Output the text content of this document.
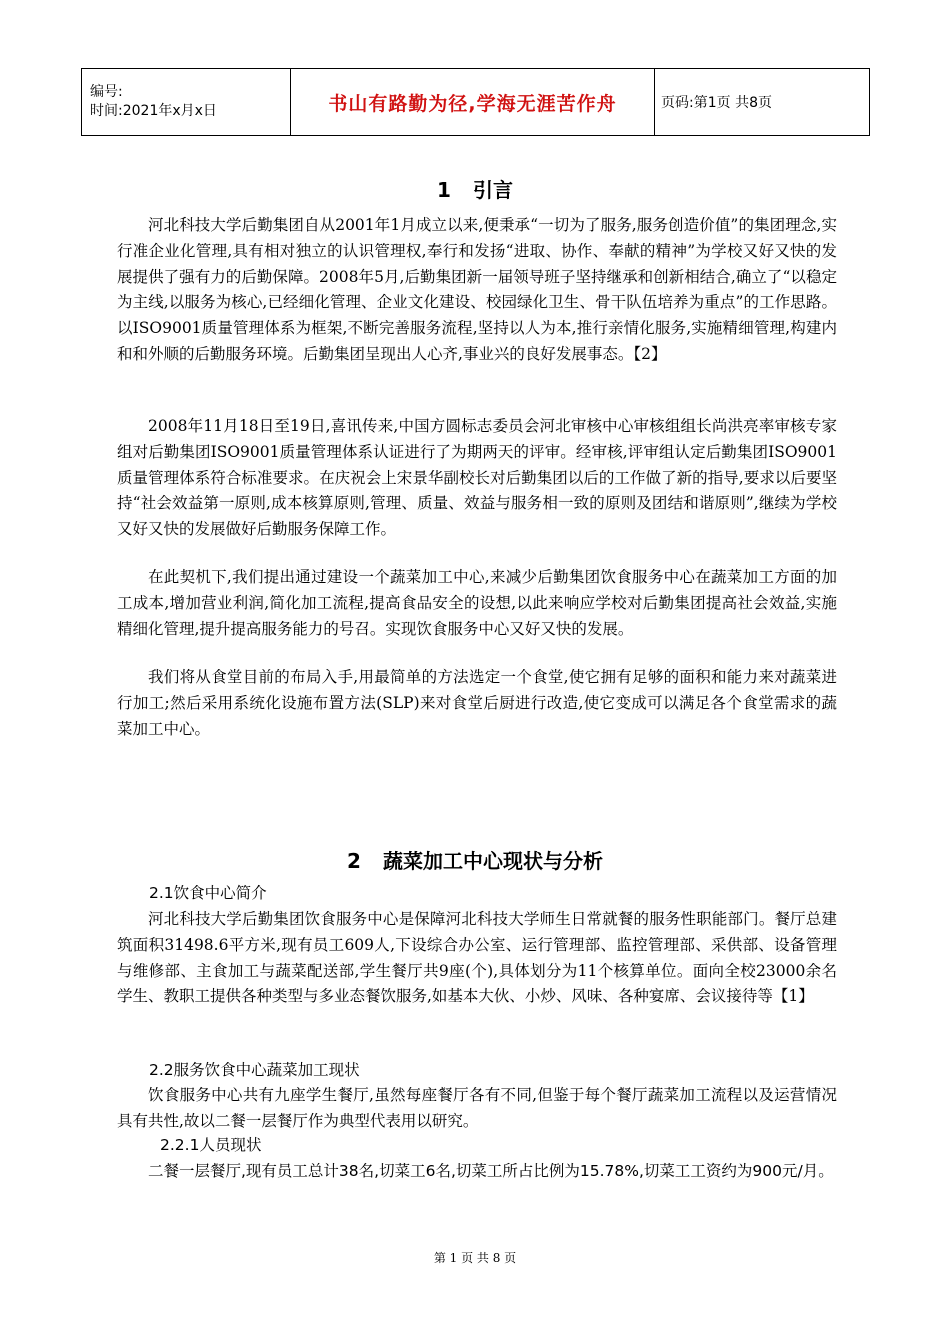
编号:
时间:2021年x月x日	书山有路勤为径,学海无涯苦作舟	页码:第1页 共8页
1 引言

河北科技大学后勤集团自从2001年1月成立以来,便秉承“一切为了服务,服务创造价值”的集团理念,实行准企业化管理,具有相对独立的认识管理权,奉行和发扬“进取、协作、奉献的精神”为学校又好又快的发展提供了强有力的后勤保障。2008年5月,后勤集团新一届领导班子坚持继承和创新相结合,确立了“以稳定为主线,以服务为核心,已经细化管理、企业文化建设、校园绿化卫生、骨干队伍培养为重点”的工作思路。以ISO9001质量管理体系为框架,不断完善服务流程,坚持以人为本,推行亲情化服务,实施精细管理,构建内和和外顺的后勤服务环境。后勤集团呈现出人心齐,事业兴的良好发展事态。【2】

2008年11月18日至19日,喜讯传来,中国方圆标志委员会河北审核中心审核组组长尚洪亮率审核专家组对后勤集团ISO9001质量管理体系认证进行了为期两天的评审。经审核,评审组认定后勤集团ISO9001质量管理体系符合标准要求。在庆祝会上宋景华副校长对后勤集团以后的工作做了新的指导,要求以后要坚持“社会效益第一原则,成本核算原则,管理、质量、效益与服务相一致的原则及团结和谐原则”,继续为学校又好又快的发展做好后勤服务保障工作。

在此契机下,我们提出通过建设一个蔬菜加工中心,来减少后勤集团饮食服务中心在蔬菜加工方面的加工成本,增加营业利润,简化加工流程,提高食品安全的设想,以此来响应学校对后勤集团提高社会效益,实施精细化管理,提升提高服务能力的号召。实现饮食服务中心又好又快的发展。

我们将从食堂目前的布局入手,用最简单的方法选定一个食堂,使它拥有足够的面积和能力来对蔬菜进行加工;然后采用系统化设施布置方法(SLP)来对食堂后厨进行改造,使它变成可以满足各个食堂需求的蔬菜加工中心。

2 蔬菜加工中心现状与分析

2.1饮食中心简介

河北科技大学后勤集团饮食服务中心是保障河北科技大学师生日常就餐的服务性职能部门。餐厅总建筑面积31498.6平方米,现有员工609人,下设综合办公室、运行管理部、监控管理部、采供部、设备管理与维修部、主食加工与蔬菜配送部,学生餐厅共9座(个),具体划分为11个核算单位。面向全校23000余名学生、教职工提供各种类型与多业态餐饮服务,如基本大伙、小炒、风味、各种宴席、会议接待等【1】

2.2服务饮食中心蔬菜加工现状

饮食服务中心共有九座学生餐厅,虽然每座餐厅各有不同,但鉴于每个餐厅蔬菜加工流程以及运营情况具有共性,故以二餐一层餐厅作为典型代表用以研究。

2.2.1人员现状

二餐一层餐厅,现有员工总计38名,切菜工6名,切菜工所占比例为15.78%,切菜工工资约为900元/月。

第 1 页 共 8 页
